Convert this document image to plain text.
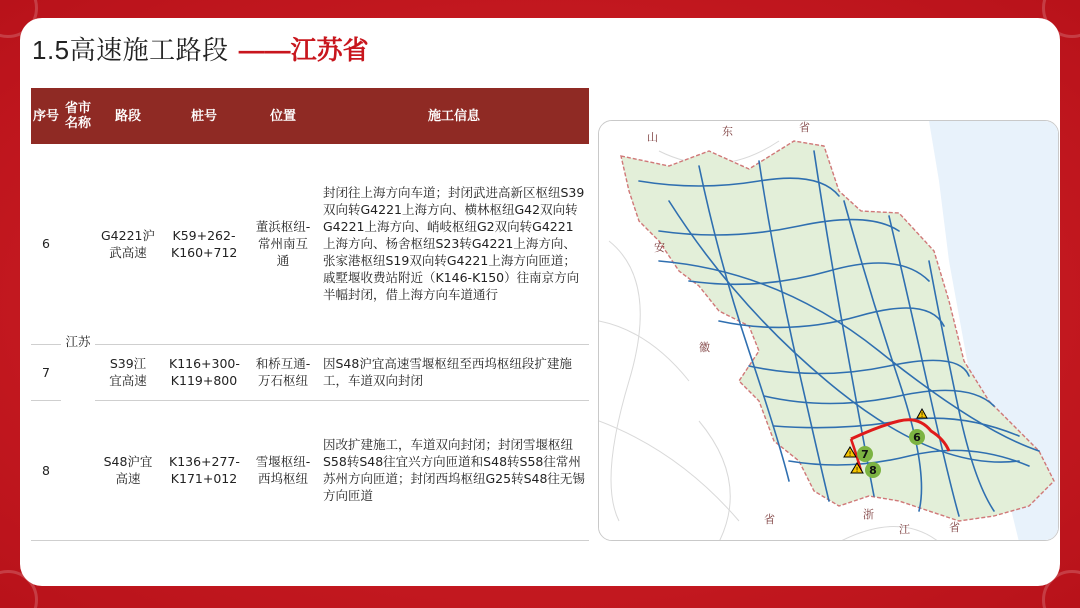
1.5高速施工路段 ——江苏省
序号	省市名称	路段	桩号	位置	施工信息
6	江苏	G4221沪武高速	K59+262-K160+712	董浜枢纽-常州南互通	封闭往上海方向车道；封闭武进高新区枢纽S39双向转G4221上海方向、横林枢纽G42双向转G4221上海方向、峭岐枢纽G2双向转G4221上海方向、杨舍枢纽S23转G4221上海方向、张家港枢纽S19双向转G4221上海方向匝道；戚墅堰收费站附近（K146-K150）往南京方向半幅封闭，借上海方向车道通行
7		S39江宜高速	K116+300-K119+800	和桥互通-万石枢纽	因S48沪宜高速雪堰枢纽至西坞枢纽段扩建施工，车道双向封闭
8		S48沪宜高速	K136+277-K171+012	雪堰枢纽-西坞枢纽	因改扩建施工，车道双向封闭；封闭雪堰枢纽S58转S48往宜兴方向匝道和S48转S58往常州苏州方向匝道；封闭西坞枢纽G25转S48往无锡方向匝道
!
!
!
6
7
8
山	东	省
安
徽
省	浙
江	省
